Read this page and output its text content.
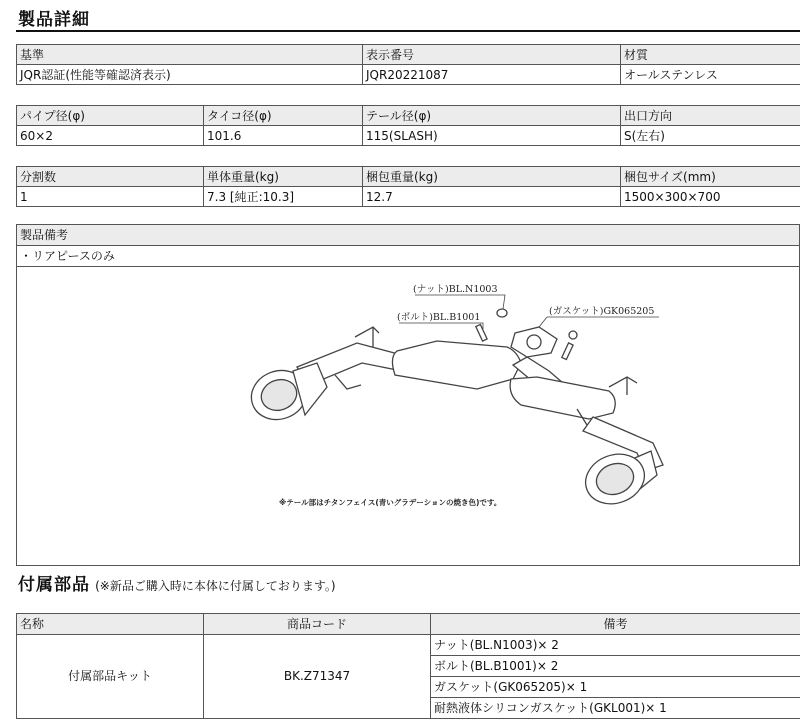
製品詳細
基準	表示番号	材質
JQR認証(性能等確認済表示)	JQR20221087	オールステンレス
パイプ径(φ)	タイコ径(φ)	テール径(φ)	出口方向
60×2	101.6	115(SLASH)	S(左右)
分割数	単体重量(kg)	梱包重量(kg)	梱包サイズ(mm)
1	7.3 [純正:10.3]	12.7	1500×300×700
製品備考
・リアピースのみ
(ナット)BL.N1003
(ボルト)BL.B1001
(ガスケット)GK065205
※テール部はチタンフェイス(青いグラデーションの焼き色)です。
付属部品 (※新品ご購入時に本体に付属しております。)
名称	商品コード	備考
付属部品キット	BK.Z71347	ナット(BL.N1003)× 2
		ボルト(BL.B1001)× 2
		ガスケット(GK065205)× 1
		耐熱液体シリコンガスケット(GKL001)× 1
